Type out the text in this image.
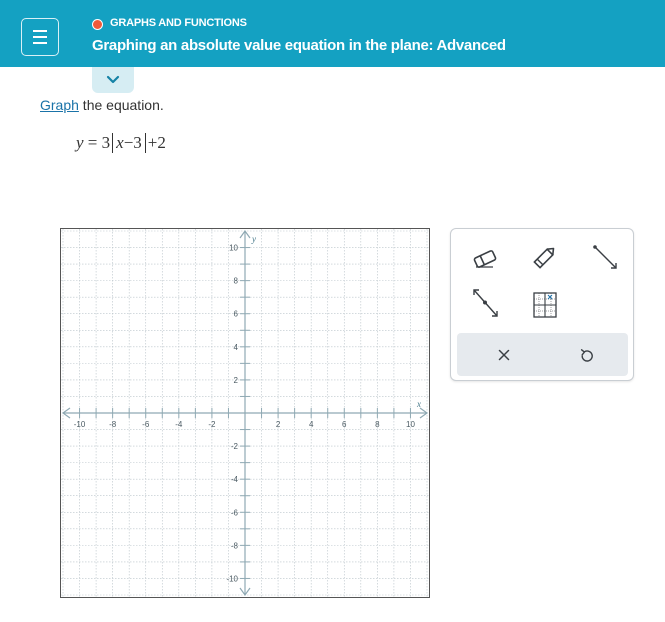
GRAPHS AND FUNCTIONS
Graphing an absolute value equation in the plane: Advanced
Graph the equation.
y = 3 x−3 +2
-10	-8	-6	-4	-2	2	4	6	8	10
10
8
6
4
2
-2
-4
-6
-8
-10
x
y
